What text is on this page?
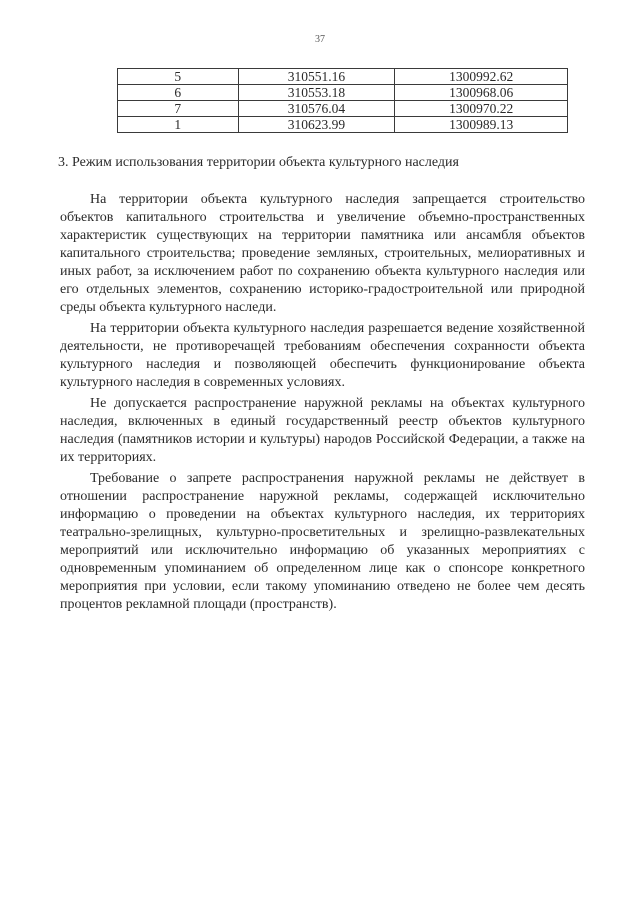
37
5	310551.16	1300992.62
6	310553.18	1300968.06
7	310576.04	1300970.22
1	310623.99	1300989.13
3. Режим использования территории объекта культурного наследия

На территории объекта культурного наследия запрещается строительство объектов капитального строительства и увеличение объемно-пространственных характеристик существующих на территории памятника или ансамбля объектов капитального строительства; проведение земляных, строительных, мелиоративных и иных работ, за исключением работ по сохранению объекта культурного наследия или его отдельных элементов, сохранению историко-градостроительной или природной среды объекта культурного наследи.

На территории объекта культурного наследия разрешается ведение хозяйственной деятельности, не противоречащей требованиям обеспечения сохранности объекта культурного наследия и позволяющей обеспечить функционирование объекта культурного наследия в современных условиях.

Не допускается распространение наружной рекламы на объектах культурного наследия, включенных в единый государственный реестр объектов культурного наследия (памятников истории и культуры) народов Российской Федерации, а также на их территориях.

Требование о запрете распространения наружной рекламы не действует в отношении распространение наружной рекламы, содержащей исключительно информацию о проведении на объектах культурного наследия, их территориях театрально-зрелищных, культурно-просветительных и зрелищно-развлекательных мероприятий или исключительно информацию об указанных мероприятиях с одновременным упоминанием об определенном лице как о спонсоре конкретного мероприятия при условии, если такому упоминанию отведено не более чем десять процентов рекламной площади (пространств).
